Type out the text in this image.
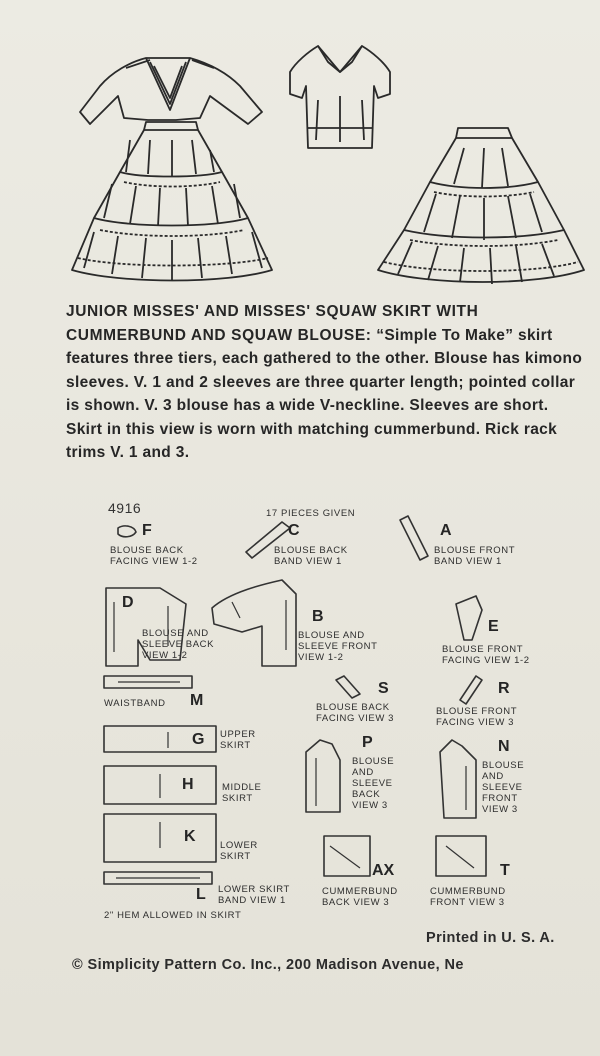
JUNIOR MISSES' AND MISSES' SQUAW SKIRT WITH CUMMERBUND AND SQUAW BLOUSE: “Simple To Make” skirt features three tiers, each gathered to the other. Blouse has kimono sleeves. V. 1 and 2 sleeves are three quarter length; pointed collar is shown. V. 3 blouse has a wide V-neckline. Sleeves are short. Skirt in this view is worn with matching cummerbund. Rick rack trims V. 1 and 3.
4916	17 PIECES GIVEN
F
BLOUSE BACK
FACING VIEW 1-2
C
BLOUSE BACK
BAND VIEW 1
A
BLOUSE FRONT
BAND VIEW 1
D
BLOUSE AND
SLEEVE BACK
VIEW 1-2
B
BLOUSE AND
SLEEVE FRONT
VIEW 1-2
E
BLOUSE FRONT
FACING VIEW 1-2
WAISTBAND M
S
BLOUSE BACK
FACING VIEW 3
R
BLOUSE FRONT
FACING VIEW 3
G UPPER
SKIRT	P
BLOUSE
AND
SLEEVE
BACK
VIEW 3
N
BLOUSE
AND
SLEEVE
FRONT
VIEW 3
H	MIDDLE
SKIRT
K
LOWER
SKIRT
AX
CUMMERBUND
BACK VIEW 3
T
CUMMERBUND
FRONT VIEW 3
L LOWER SKIRT
BAND VIEW 1
2" HEM ALLOWED IN SKIRT
Printed in U. S. A.
© Simplicity Pattern Co. Inc., 200 Madison Avenue, Ne
